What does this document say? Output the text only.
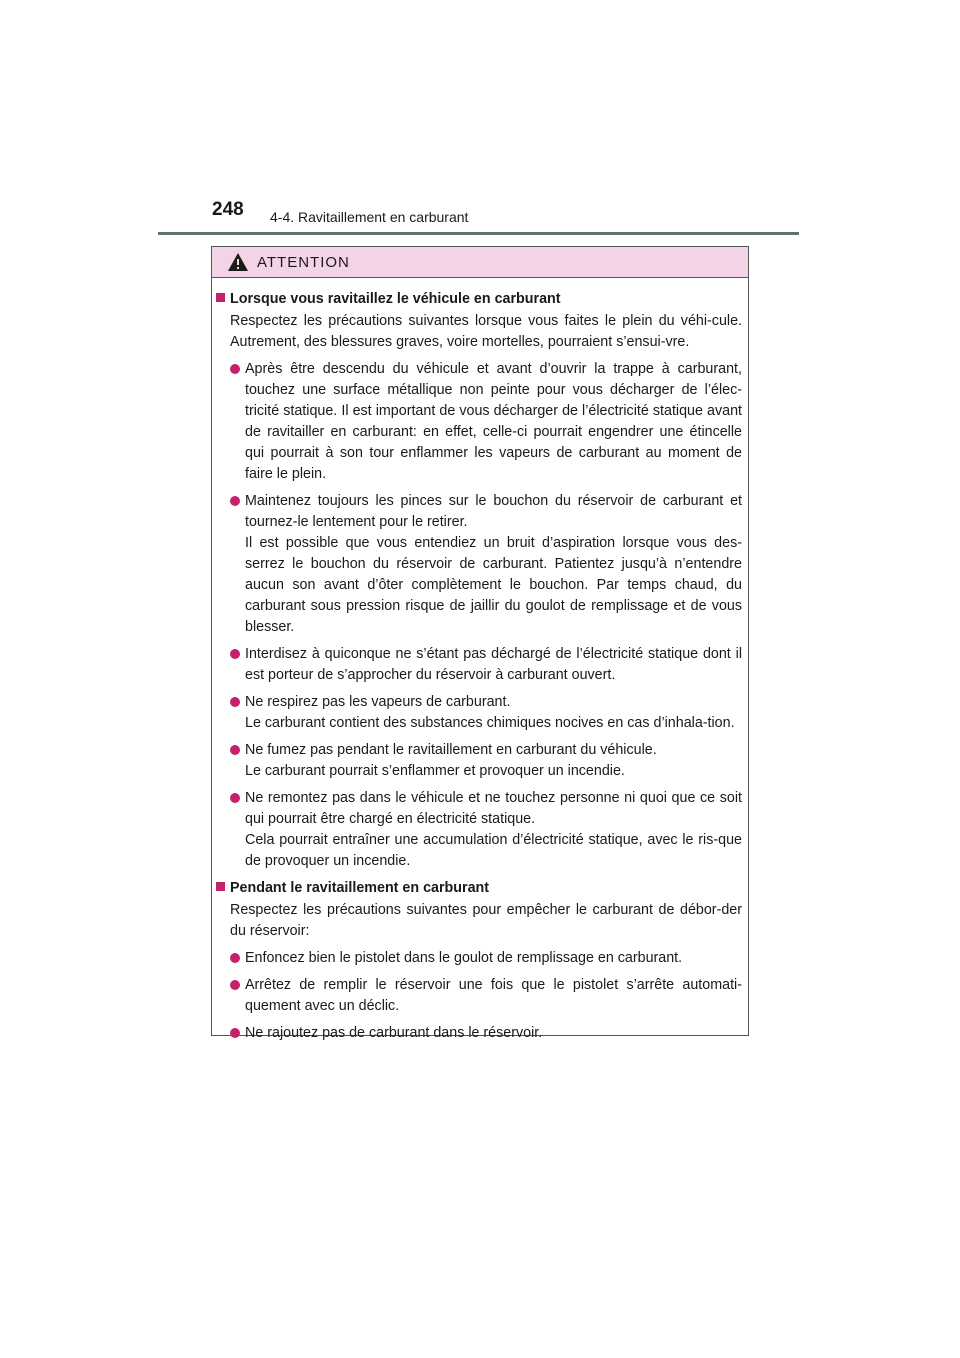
248 4-4. Ravitaillement en carburant
ATTENTION
Lorsque vous ravitaillez le véhicule en carburant
Respectez les précautions suivantes lorsque vous faites le plein du véhi-cule. Autrement, des blessures graves, voire mortelles, pourraient s’ensui-vre.

Après être descendu du véhicule et avant d’ouvrir la trappe à carburant, touchez une surface métallique non peinte pour vous décharger de l’élec-tricité statique. Il est important de vous décharger de l’électricité statique avant de ravitailler en carburant: en effet, celle-ci pourrait engendrer une étincelle qui pourrait à son tour enflammer les vapeurs de carburant au moment de faire le plein.

Maintenez toujours les pinces sur le bouchon du réservoir de carburant et tournez-le lentement pour le retirer.

Il est possible que vous entendiez un bruit d’aspiration lorsque vous des-serrez le bouchon du réservoir de carburant. Patientez jusqu’à n’entendre aucun son avant d’ôter complètement le bouchon. Par temps chaud, du carburant sous pression risque de jaillir du goulot de remplissage et de vous blesser.

Interdisez à quiconque ne s’étant pas déchargé de l’électricité statique dont il est porteur de s’approcher du réservoir à carburant ouvert.

Ne respirez pas les vapeurs de carburant.

Le carburant contient des substances chimiques nocives en cas d’inhala-tion.

Ne fumez pas pendant le ravitaillement en carburant du véhicule.

Le carburant pourrait s’enflammer et provoquer un incendie.

Ne remontez pas dans le véhicule et ne touchez personne ni quoi que ce soit qui pourrait être chargé en électricité statique.

Cela pourrait entraîner une accumulation d’électricité statique, avec le ris-que de provoquer un incendie.

Pendant le ravitaillement en carburant
Respectez les précautions suivantes pour empêcher le carburant de débor-der du réservoir:

Enfoncez bien le pistolet dans le goulot de remplissage en carburant.

Arrêtez de remplir le réservoir une fois que le pistolet s’arrête automati-quement avec un déclic.

Ne rajoutez pas de carburant dans le réservoir.
